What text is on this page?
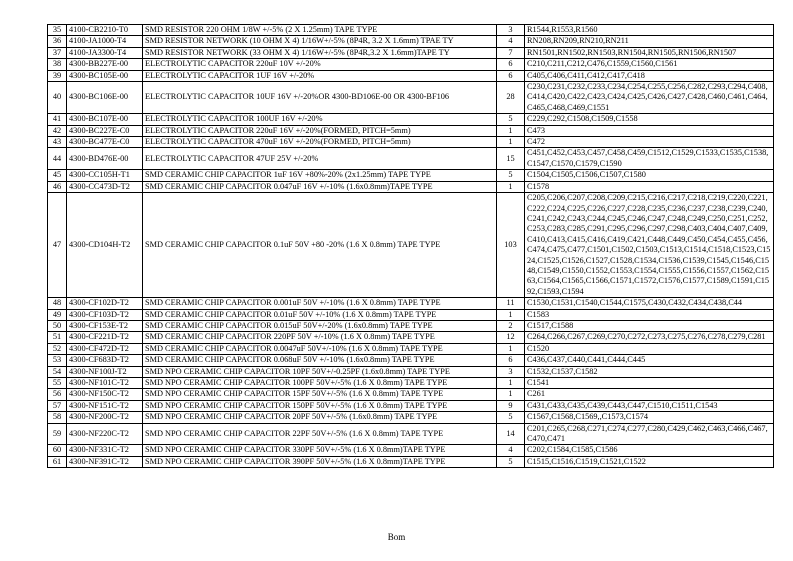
35	4100-CB2210-T0	SMD RESISTOR 220 OHM 1/8W +/-5% (2 X 1.25mm) TAPE TYPE	3	R1544,R1553,R1560
36	4100-JA1000-T4	SMD RESISTOR NETWORK (10 OHM X 4) 1/16W+/-5% (8P4R, 3.2 X 1.6mm) TPAE TY	4	RN208,RN209,RN210,RN211
37	4100-JA3300-T4	SMD RESISTOR NETWORK (33 OHM X 4) 1/16W+/-5% (8P4R,3.2 X 1.6mm)TAPE TY	7	RN1501,RN1502,RN1503,RN1504,RN1505,RN1506,RN1507
38	4300-BB227E-00	ELECTROLYTIC CAPACITOR 220uF 10V +/-20%	6	C210,C211,C212,C476,C1559,C1560,C1561
39	4300-BC105E-00	ELECTROLYTIC CAPACITOR 1UF 16V +/-20%	6	C405,C406,C411,C412,C417,C418
40	4300-BC106E-00	ELECTROLYTIC CAPACITOR 10UF 16V +/-20%OR 4300-BD106E-00 OR 4300-BF106	28	C230,C231,C232,C233,C234,C254,C255,C256,C282,C293,C294,C408,C414,C420,C422,C423,C424,C425,C426,C427,C428,C460,C461,C464,C465,C468,C469,C1551
41	4300-BC107E-00	ELECTROLYTIC CAPACITOR 100UF 16V +/-20%	5	C229,C292,C1508,C1509,C1558
42	4300-BC227E-C0	ELECTROLYTIC CAPACITOR 220uF 16V +/-20%(FORMED, PITCH=5mm)	1	C473
43	4300-BC477E-C0	ELECTROLYTIC CAPACITOR 470uF 16V +/-20%(FORMED, PITCH=5mm)	1	C472
44	4300-BD476E-00	ELECTROLYTIC CAPACITOR 47UF 25V +/-20%	15	C451,C452,C453,C457,C458,C459,C1512,C1529,C1533,C1535,C1538,C1547,C1570,C1579,C1590
45	4300-CC105H-T1	SMD CERAMIC CHIP CAPACITOR 1uF 16V +80%-20% (2x1.25mm) TAPE TYPE	5	C1504,C1505,C1506,C1507,C1580
46	4300-CC473D-T2	SMD CERAMIC CHIP CAPACITOR 0.047uF 16V +/-10% (1.6x0.8mm)TAPE TYPE	1	C1578
47	4300-CD104H-T2	SMD CERAMIC CHIP CAPACITOR 0.1uF 50V +80 -20% (1.6 X 0.8mm) TAPE TYPE	103	C205,C206,C207,C208,C209,C215,C216,C217,C218,C219,C220,C221,C222,C224,C225,C226,C227,C228,C235,C236,C237,C238,C239,C240,C241,C242,C243,C244,C245,C246,C247,C248,C249,C250,C251,C252,C253,C283,C285,C291,C295,C296,C297,C298,C403,C404,C407,C409,C410,C413,C415,C416,C419,C421,C448,C449,C450,C454,C455,C456,C474,C475,C477,C1501,C1502,C1503,C1513,C1514,C1518,C1523,C1524,C1525,C1526,C1527,C1528,C1534,C1536,C1539,C1545,C1546,C1548,C1549,C1550,C1552,C1553,C1554,C1555,C1556,C1557,C1562,C1563,C1564,C1565,C1566,C1571,C1572,C1576,C1577,C1589,C1591,C1592,C1593,C1594
48	4300-CF102D-T2	SMD CERAMIC CHIP CAPACITOR 0.001uF 50V +/-10% (1.6 X 0.8mm) TAPE TYPE	11	C1530,C1531,C1540,C1544,C1575,C430,C432,C434,C438,C44
49	4300-CF103D-T2	SMD CERAMIC CHIP CAPACITOR 0.01uF 50V +/-10% (1.6 X 0.8mm) TAPE TYPE	1	C1583
50	4300-CF153E-T2	SMD CERAMIC CHIP CAPACITOR 0.015uF 50V+/-20% (1.6x0.8mm) TAPE TYPE	2	C1517,C1588
51	4300-CF221D-T2	SMD CERAMIC CHIP CAPACITOR 220PF 50V +/-10% (1.6 X 0.8mm) TAPE TYPE	12	C264,C266,C267,C269,C270,C272,C273,C275,C276,C278,C279,C281
52	4300-CF472D-T2	SMD CERAMIC CHIP CAPACITOR 0.0047uF 50V+/-10% (1.6 X 0.8mm) TAPE TYPE	1	C1520
53	4300-CF683D-T2	SMD CERAMIC CHIP CAPACITOR 0.068uF 50V +/-10% (1.6x0.8mm) TAPE TYPE	6	C436,C437,C440,C441,C444,C445
54	4300-NF100J-T2	SMD NPO CERAMIC CHIP CAPACITOR 10PF 50V+/-0.25PF (1.6x0.8mm) TAPE TYPE	3	C1532,C1537,C1582
55	4300-NF101C-T2	SMD NPO CERAMIC CHIP CAPACITOR 100PF 50V+/-5% (1.6 X 0.8mm) TAPE TYPE	1	C1541
56	4300-NF150C-T2	SMD NPO CERAMIC CHIP CAPACITOR 15PF 50V+/-5% (1.6 X 0.8mm) TAPE TYPE	1	C261
57	4300-NF151C-T2	SMD NPO CERAMIC CHIP CAPACITOR 150PF 50V+/-5% (1.6 X 0.8mm) TAPE TYPE	9	C431,C433,C435,C439,C443,C447,C1510,C1511,C1543
58	4300-NF200C-T2	SMD NPO CERAMIC CHIP CAPACITOR 20PF 50V+/-5% (1.6x0.8mm) TAPE TYPE	5	C1567,C1568,C1569,,C1573,C1574
59	4300-NF220C-T2	SMD NPO CERAMIC CHIP CAPACITOR 22PF 50V+/-5% (1.6 X 0.8mm) TAPE TYPE	14	C201,C265,C268,C271,C274,C277,C280,C429,C462,C463,C466,C467,C470,C471
60	4300-NF331C-T2	SMD NPO CERAMIC CHIP CAPACITOR 330PF 50V+/-5% (1.6 X 0.8mm)TAPE TYPE	4	C202,C1584,C1585,C1586
61	4300-NF391C-T2	SMD NPO CERAMIC CHIP CAPACITOR 390PF 50V+/-5% (1.6 X 0.8mm)TAPE TYPE	5	C1515,C1516,C1519,C1521,C1522
Bom
